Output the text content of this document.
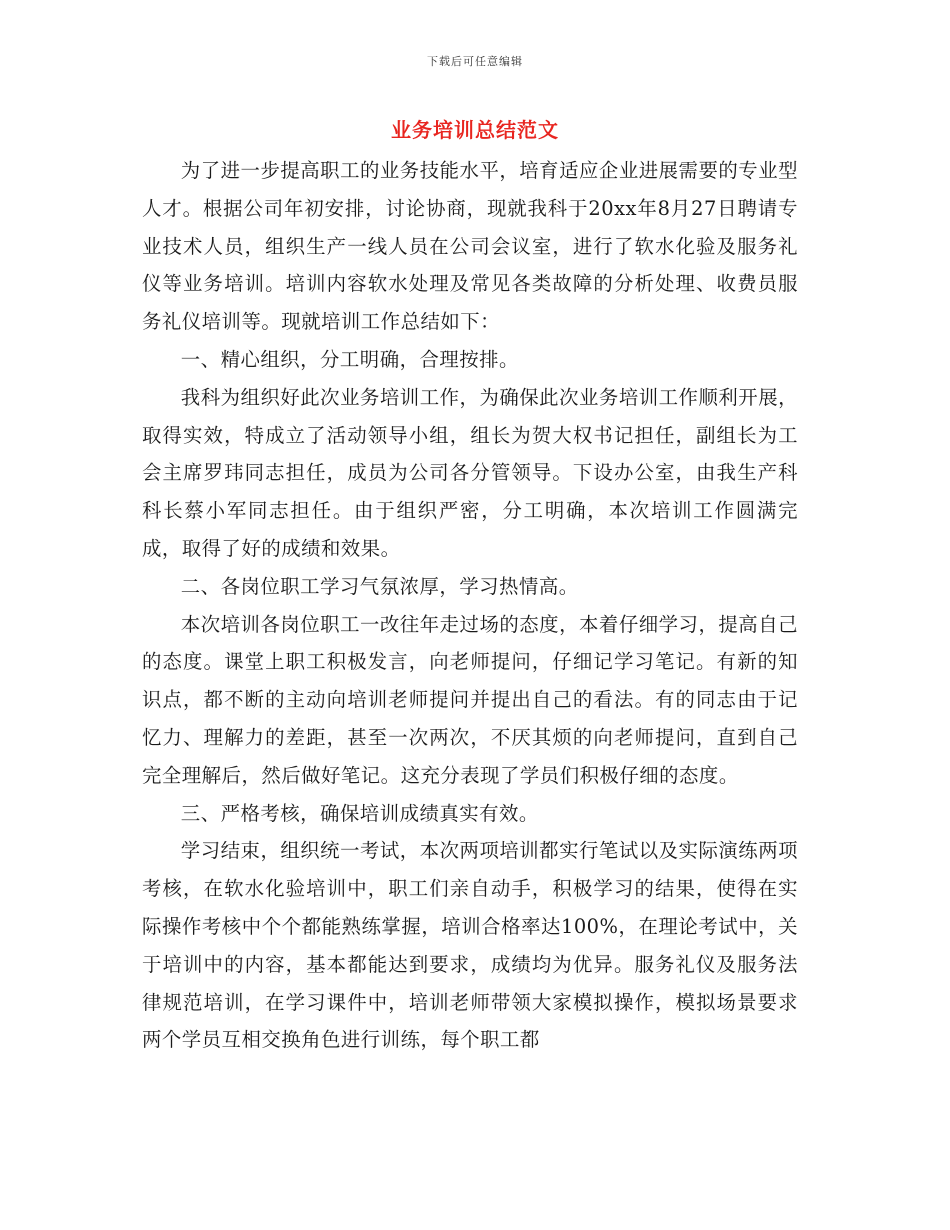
下载后可任意编辑
业务培训总结范文

为了进一步提高职工的业务技能水平，培育适应企业进展需要的专业型人才。根据公司年初安排，讨论协商，现就我科于20xx年8月27日聘请专业技术人员，组织生产一线人员在公司会议室，进行了软水化验及服务礼仪等业务培训。培训内容软水处理及常见各类故障的分析处理、收费员服务礼仪培训等。现就培训工作总结如下：

一、精心组织，分工明确，合理按排。

我科为组织好此次业务培训工作，为确保此次业务培训工作顺利开展，取得实效，特成立了活动领导小组，组长为贺大权书记担任，副组长为工会主席罗玮同志担任，成员为公司各分管领导。下设办公室，由我生产科科长蔡小军同志担任。由于组织严密，分工明确，本次培训工作圆满完成，取得了好的成绩和效果。

二、各岗位职工学习气氛浓厚，学习热情高。

本次培训各岗位职工一改往年走过场的态度，本着仔细学习，提高自己的态度。课堂上职工积极发言，向老师提问，仔细记学习笔记。有新的知识点，都不断的主动向培训老师提问并提出自己的看法。有的同志由于记忆力、理解力的差距，甚至一次两次，不厌其烦的向老师提问，直到自己完全理解后，然后做好笔记。这充分表现了学员们积极仔细的态度。

三、严格考核，确保培训成绩真实有效。

学习结束，组织统一考试，本次两项培训都实行笔试以及实际演练两项考核，在软水化验培训中，职工们亲自动手，积极学习的结果，使得在实际操作考核中个个都能熟练掌握，培训合格率达100%，在理论考试中，关于培训中的内容，基本都能达到要求，成绩均为优异。服务礼仪及服务法律规范培训，在学习课件中，培训老师带领大家模拟操作，模拟场景要求两个学员互相交换角色进行训练，每个职工都
